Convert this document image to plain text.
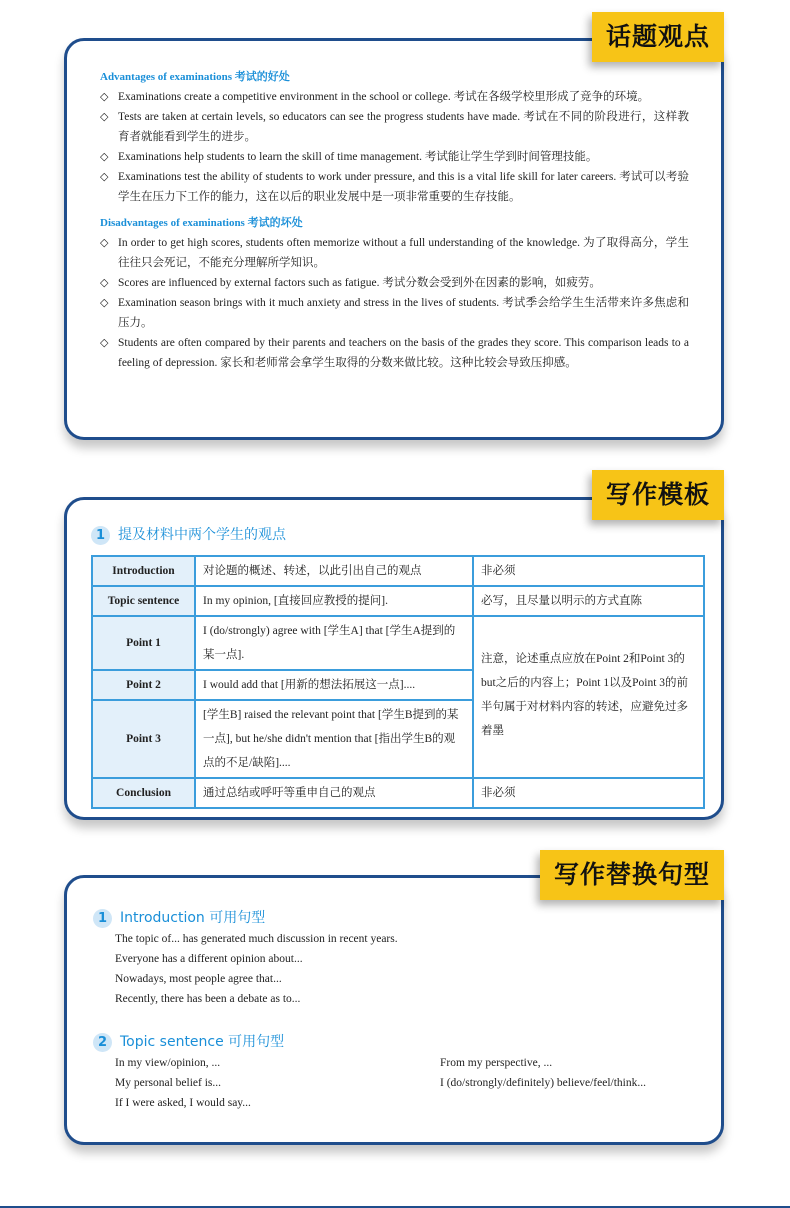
Advantages of examinations 考试的好处
◇ Examinations create a competitive environment in the school or college. 考试在各级学校里形成了竞争的环境。
◇ Tests are taken at certain levels, so educators can see the progress students have made. 考试在不同的阶段进行，这样教育者就能看到学生的进步。
◇ Examinations help students to learn the skill of time management. 考试能让学生学到时间管理技能。
◇ Examinations test the ability of students to work under pressure, and this is a vital life skill for later careers. 考试可以考验学生在压力下工作的能力，这在以后的职业发展中是一项非常重要的生存技能。
Disadvantages of examinations 考试的坏处
◇ In order to get high scores, students often memorize without a full understanding of the knowledge. 为了取得高分，学生往往只会死记，不能充分理解所学知识。
◇ Scores are influenced by external factors such as fatigue. 考试分数会受到外在因素的影响，如疲劳。
◇ Examination season brings with it much anxiety and stress in the lives of students. 考试季会给学生生活带来许多焦虑和压力。
◇ Students are often compared by their parents and teachers on the basis of the grades they score. This comparison leads to a feeling of depression. 家长和老师常会拿学生取得的分数来做比较。这种比较会导致压抑感。
话题观点
1 提及材料中两个学生的观点
Introduction	对论题的概述、转述，以此引出自己的观点	非必须
Topic sentence	In my opinion, [直接回应教授的提问].	必写，且尽量以明示的方式直陈
Point 1	I (do/strongly) agree with [学生A] that [学生A提到的某一点].	注意，论述重点应放在Point 2和Point 3的but之后的内容上；Point 1以及Point 3的前半句属于对材料内容的转述，应避免过多着墨
Point 2	I would add that [用新的想法拓展这一点]....	
Point 3	[学生B] raised the relevant point that [学生B提到的某一点], but he/she didn't mention that [指出学生B的观点的不足/缺陷]....	
Conclusion	通过总结或呼吁等重申自己的观点	非必须
写作模板
1 Introduction 可用句型
The topic of... has generated much discussion in recent years.
Everyone has a different opinion about...
Nowadays, most people agree that...
Recently, there has been a debate as to...
2 Topic sentence 可用句型
In my view/opinion, ...
My personal belief is...
If I were asked, I would say...
From my perspective, ...
I (do/strongly/definitely) believe/feel/think...
写作替换句型
